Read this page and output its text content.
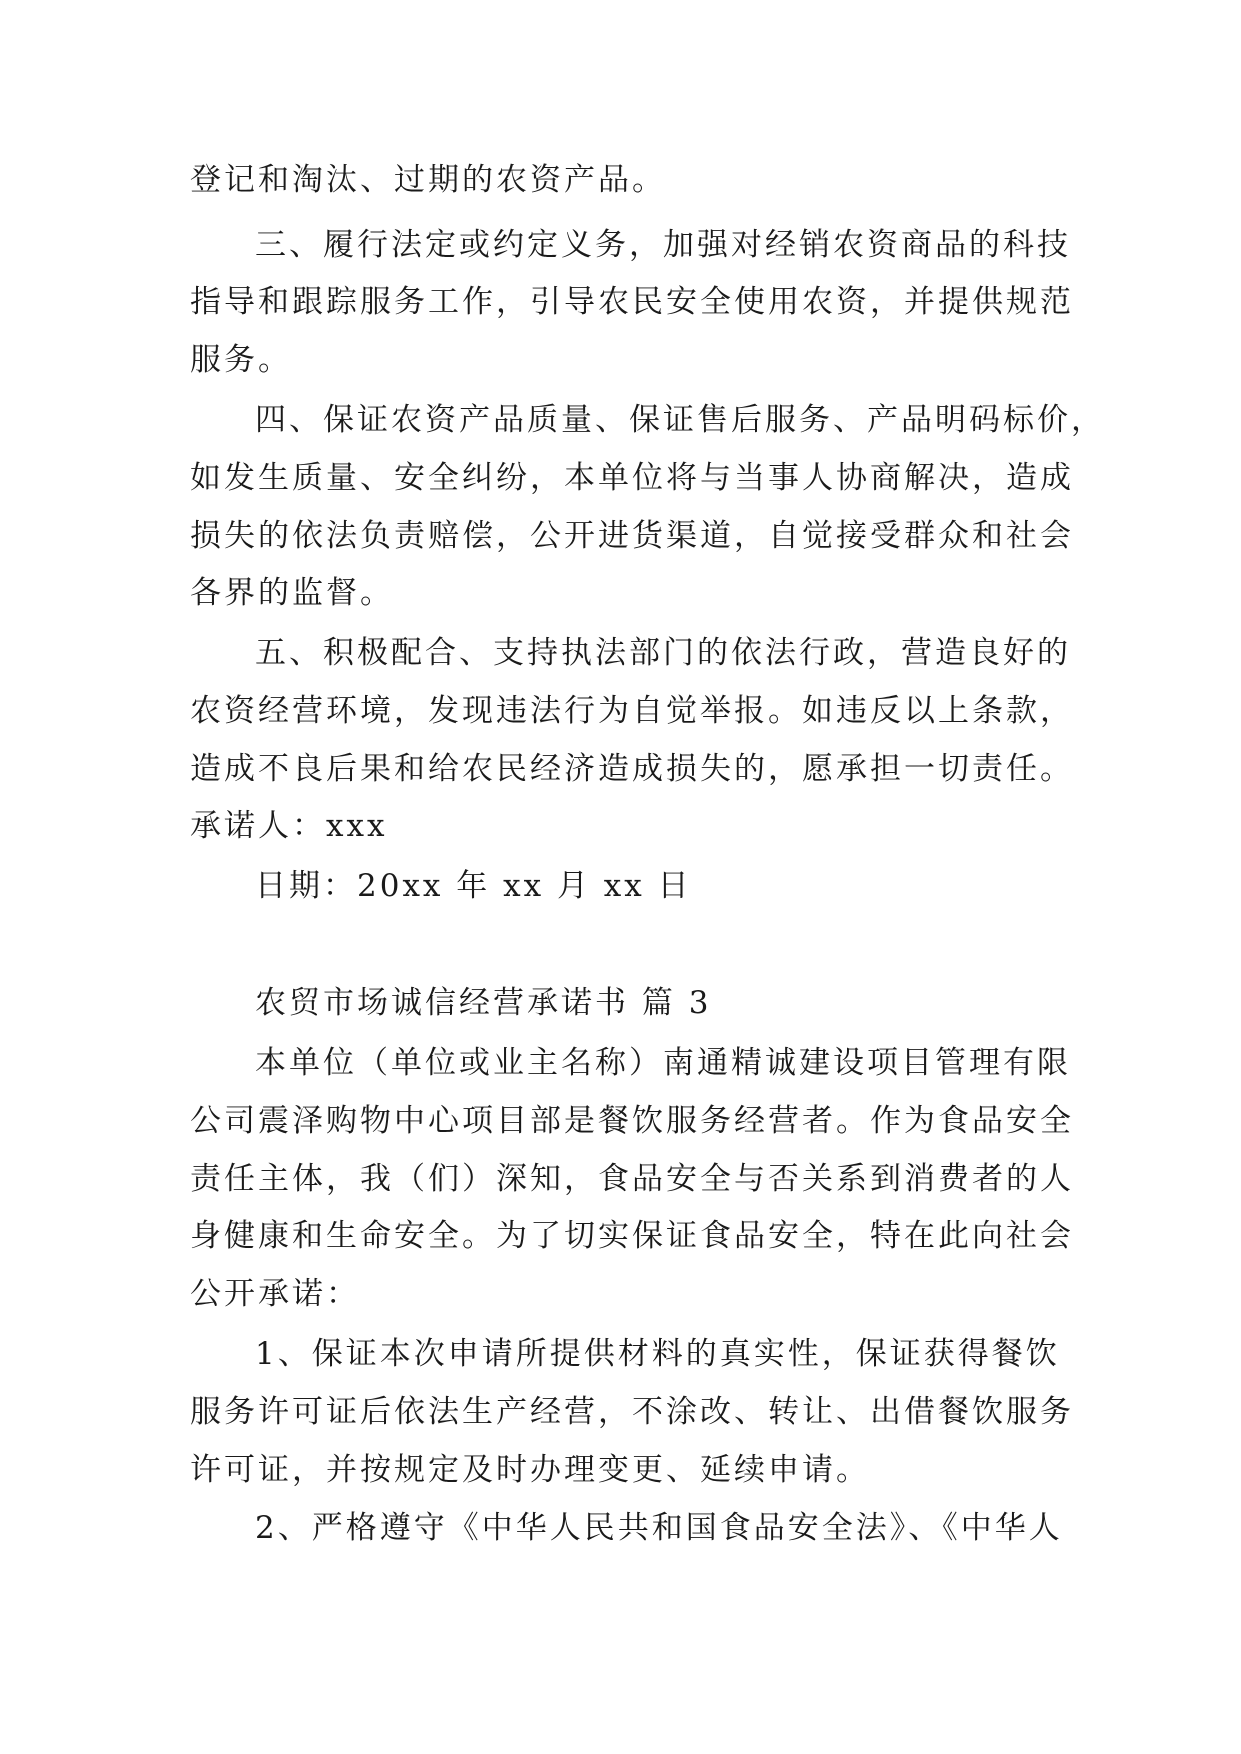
登记和淘汰、过期的农资产品。

三、履行法定或约定义务，加强对经销农资商品的科技

指导和跟踪服务工作，引导农民安全使用农资，并提供规范

服务。

四、保证农资产品质量、保证售后服务、产品明码标价，

如发生质量、安全纠纷，本单位将与当事人协商解决，造成

损失的依法负责赔偿，公开进货渠道，自觉接受群众和社会

各界的监督。

五、积极配合、支持执法部门的依法行政，营造良好的

农资经营环境，发现违法行为自觉举报。如违反以上条款，

造成不良后果和给农民经济造成损失的，愿承担一切责任。

承诺人：xxx

日期：20xx 年 xx 月 xx 日

农贸市场诚信经营承诺书 篇 3

本单位（单位或业主名称）南通精诚建设项目管理有限

公司震泽购物中心项目部是餐饮服务经营者。作为食品安全

责任主体，我（们）深知，食品安全与否关系到消费者的人

身健康和生命安全。为了切实保证食品安全，特在此向社会

公开承诺：

1、保证本次申请所提供材料的真实性，保证获得餐饮

服务许可证后依法生产经营，不涂改、转让、出借餐饮服务

许可证，并按规定及时办理变更、延续申请。

2、严格遵守《中华人民共和国食品安全法》、《中华人
